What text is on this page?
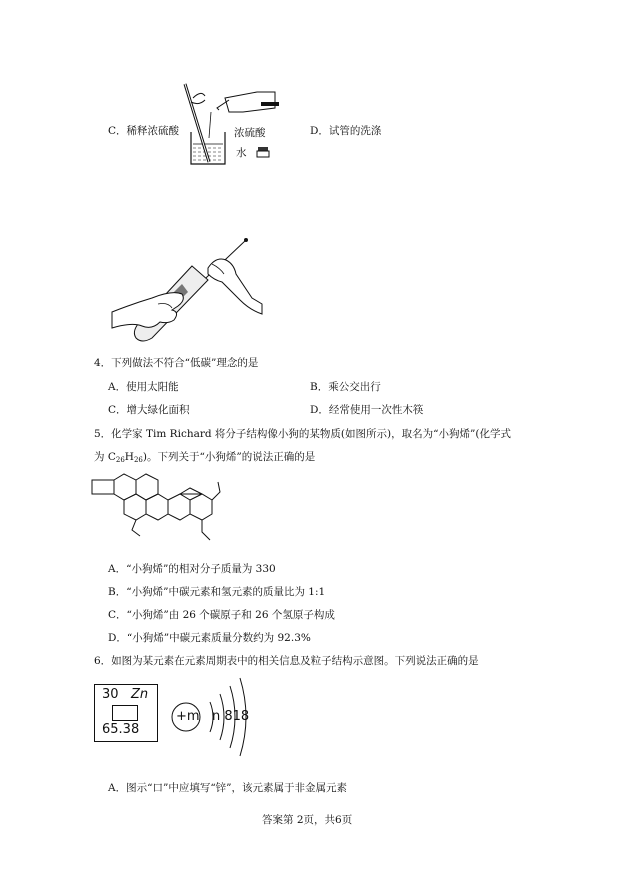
C．稀释浓硫酸	浓硫酸
水
D．试管的洗涤
4．下列做法不符合“低碳”理念的是
A．使用太阳能	B．乘公交出行
C．增大绿化面积	D．经常使用一次性木筷
5．化学家 Tim Richard 将分子结构像小狗的某物质(如图所示)，取名为“小狗烯”(化学式
为 $C_{26}H_{26}$)。下列关于“小狗烯”的说法正确的是
A．“小狗烯”的相对分子质量为 330
B．“小狗烯”中碳元素和氢元素的质量比为 1:1
C．“小狗烯”由 26 个碳原子和 26 个氢原子构成
D．“小狗烯”中碳元素质量分数约为 92.3%
6．如图为某元素在元素周期表中的相关信息及粒子结构示意图。下列说法正确的是
30 Zn
65.38
+m n 818
A．图示“口”中应填写“锌”，该元素属于非金属元素
答案第 2页，共6页
